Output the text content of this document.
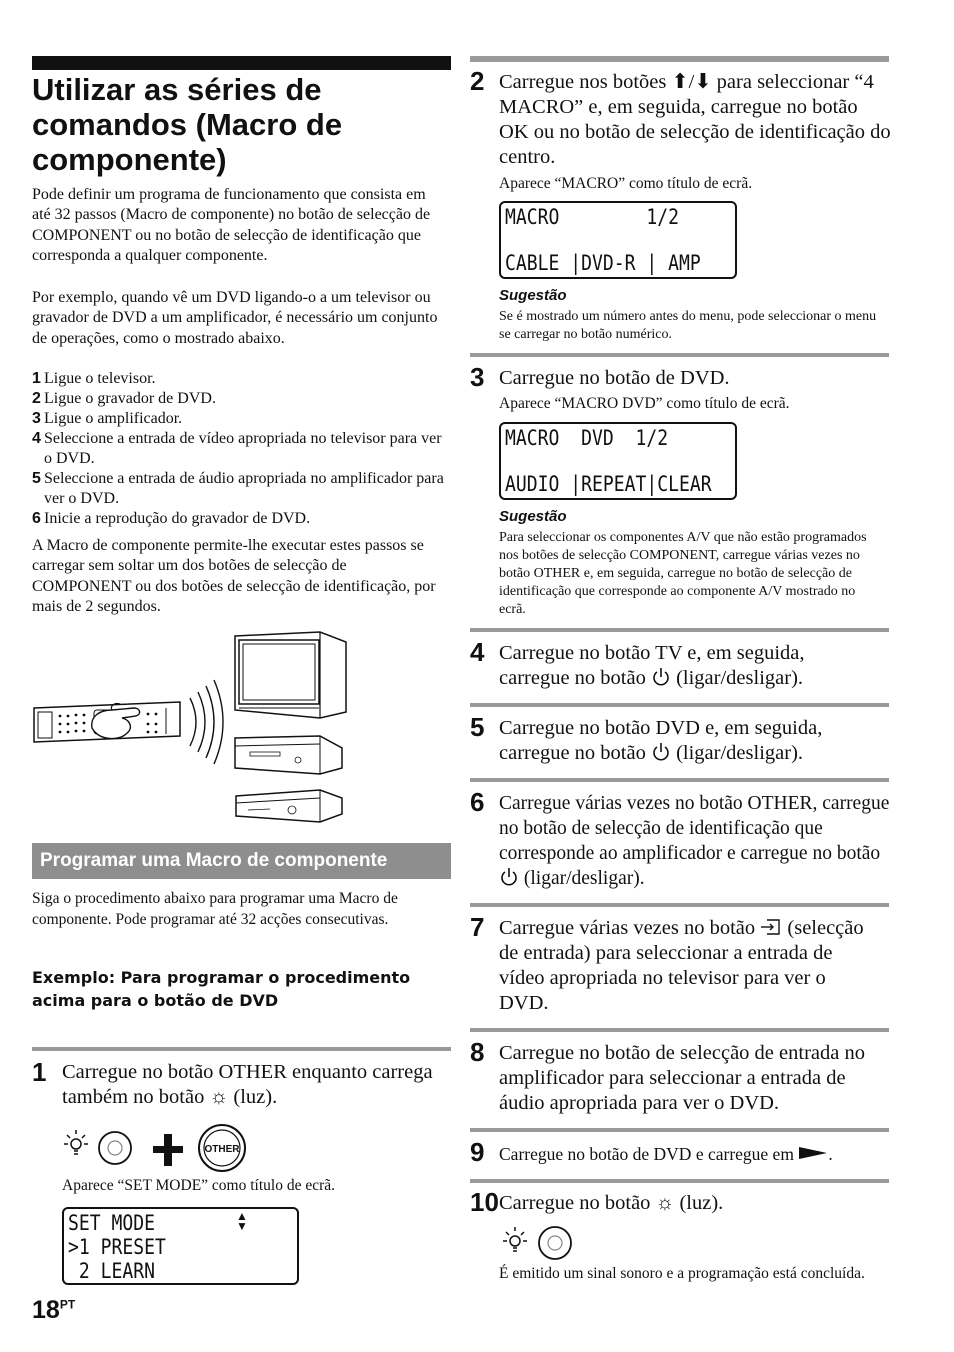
Utilizar as séries de comandos (Macro de componente)
Pode definir um programa de funcionamento que consista em até 32 passos (Macro de componente) no botão de selecção de COMPONENT ou no botão de selecção de identificação que corresponda a qualquer componente.
Por exemplo, quando vê um DVD ligando-o a um televisor ou gravador de DVD a um amplificador, é necessário um conjunto de operações, como o mostrado abaixo.
1 Ligue o televisor.
2 Ligue o gravador de DVD.
3 Ligue o amplificador.
4 Seleccione a entrada de vídeo apropriada no televisor para ver o DVD.
5 Seleccione a entrada de áudio apropriada no amplificador para ver o DVD.
6 Inicie a reprodução do gravador de DVD.
A Macro de componente permite-lhe executar estes passos se carregar sem soltar um dos botões de selecção de COMPONENT ou dos botões de selecção de identificação, por mais de 2 segundos.
Programar uma Macro de componente
Siga o procedimento abaixo para programar uma Macro de componente. Pode programar até 32 acções consecutivas.
Exemplo: Para programar o procedimento acima para o botão de DVD
1 Carregue no botão OTHER enquanto carrega também no botão ☼ (luz).
OTHER
Aparece “SET MODE” como título de ecrã.
SET MODE ▲
▼
>1 PRESET
2 LEARN
$18^{PT}$
2 Carregue nos botões ⬆/⬇ para seleccionar “4 MACRO” e, em seguida, carregue no botão OK ou no botão de selecção de identificação do centro.
Aparece “MACRO” como título de ecrã.
MACRO        1/2
CABLE |DVD-R | AMP
Sugestão
Se é mostrado um número antes do menu, pode seleccionar o menu se carregar no botão numérico.
3 Carregue no botão de DVD.
Aparece “MACRO DVD” como título de ecrã.
MACRO  DVD  1/2
AUDIO |REPEAT|CLEAR
Sugestão
Para seleccionar os componentes A/V que não estão programados nos botões de selecção COMPONENT, carregue várias vezes no botão OTHER e, em seguida, carregue no botão de selecção de identificação que corresponde ao componente A/V mostrado no ecrã.
4 Carregue no botão TV e, em seguida, carregue no botão (ligar/desligar).
5 Carregue no botão DVD e, em seguida, carregue no botão (ligar/desligar).
6 Carregue várias vezes no botão OTHER, carregue no botão de selecção de identificação que corresponde ao amplificador e carregue no botão  (ligar/desligar).
7 Carregue várias vezes no botão (selecção de entrada) para seleccionar a entrada de vídeo apropriada no televisor para ver o DVD.
8 Carregue no botão de selecção de entrada no amplificador para seleccionar a entrada de áudio apropriada para ver o DVD.
9 Carregue no botão de DVD e carregue em .
10 Carregue no botão ☼ (luz).
É emitido um sinal sonoro e a programação está concluída.
